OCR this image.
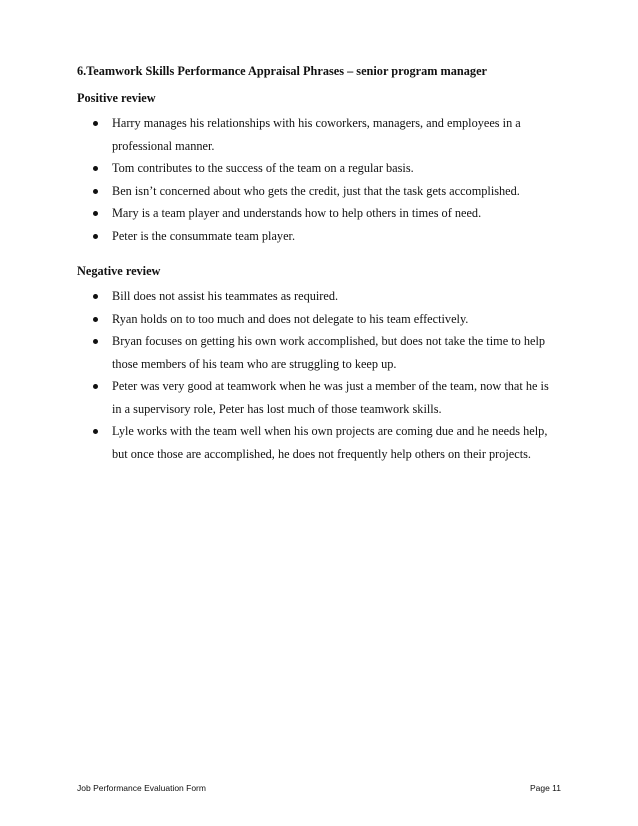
6.Teamwork Skills Performance Appraisal Phrases – senior program manager
Positive review
Harry manages his relationships with his coworkers, managers, and employees in a professional manner.
Tom contributes to the success of the team on a regular basis.
Ben isn’t concerned about who gets the credit, just that the task gets accomplished.
Mary is a team player and understands how to help others in times of need.
Peter is the consummate team player.
Negative review
Bill does not assist his teammates as required.
Ryan holds on to too much and does not delegate to his team effectively.
Bryan focuses on getting his own work accomplished, but does not take the time to help those members of his team who are struggling to keep up.
Peter was very good at teamwork when he was just a member of the team, now that he is in a supervisory role, Peter has lost much of those teamwork skills.
Lyle works with the team well when his own projects are coming due and he needs help, but once those are accomplished, he does not frequently help others on their projects.
Job Performance Evaluation Form	Page 11
